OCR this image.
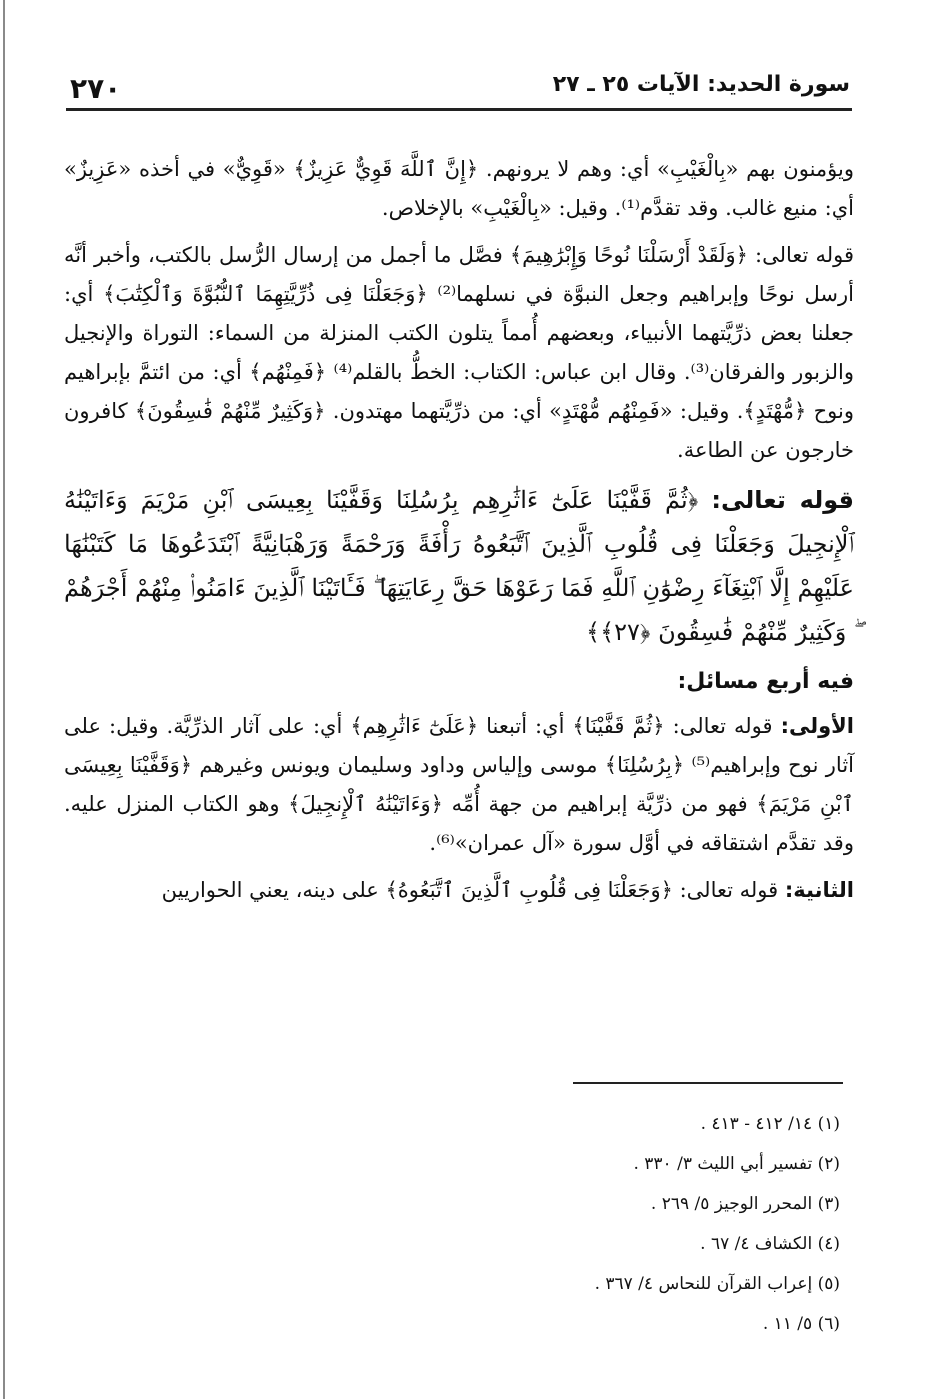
سورة الحديد: الآيات ٢٥ ـ ٢٧
٢٧٠

ويؤمنون بهم «بِالْغَيْبِ» أي: وهم لا يرونهم. ﴿إِنَّ ٱللَّهَ قَوِيٌّ عَزِيزٌ﴾ «قَوِيٌّ» في أخذه «عَزِيزٌ» أي: منيع غالب. وقد تقدَّم⁽¹⁾. وقيل: «بِالْغَيْبِ» بالإخلاص.

قوله تعالى: ﴿وَلَقَدْ أَرْسَلْنَا نُوحًا وَإِبْرَٰهِيمَ﴾ فصَّل ما أجمل من إرسال الرُّسل بالكتب، وأخبر أنَّه أرسل نوحًا وإبراهيم وجعل النبوَّة في نسلهما⁽²⁾ ﴿وَجَعَلْنَا فِى ذُرِّيَّتِهِمَا ٱلنُّبُوَّةَ وَٱلْكِتَٰبَ﴾ أي: جعلنا بعض ذرِّيَّتهما الأنبياء، وبعضهم أُمماً يتلون الكتب المنزلة من السماء: التوراة والإنجيل والزبور والفرقان⁽³⁾. وقال ابن عباس: الكتاب: الخطُّ بالقلم⁽⁴⁾ ﴿فَمِنْهُم﴾ أي: من ائتمَّ بإبراهيم ونوح ﴿مُّهْتَدٍ﴾. وقيل: «فَمِنْهُم مُّهْتَدٍ» أي: من ذرِّيَّتهما مهتدون. ﴿وَكَثِيرٌ مِّنْهُمْ فَٰسِقُونَ﴾ كافرون خارجون عن الطاعة.

قوله تعالى: ﴿ثُمَّ قَفَّيْنَا عَلَىٰٓ ءَاثَٰرِهِم بِرُسُلِنَا وَقَفَّيْنَا بِعِيسَى ٱبْنِ مَرْيَمَ وَءَاتَيْنَٰهُ ٱلْإِنجِيلَ وَجَعَلْنَا فِى قُلُوبِ ٱلَّذِينَ ٱتَّبَعُوهُ رَأْفَةً وَرَحْمَةً وَرَهْبَانِيَّةً ٱبْتَدَعُوهَا مَا كَتَبْنَٰهَا عَلَيْهِمْ إِلَّا ٱبْتِغَآءَ رِضْوَٰنِ ٱللَّهِ فَمَا رَعَوْهَا حَقَّ رِعَايَتِهَا ۖ فَـَٔاتَيْنَا ٱلَّذِينَ ءَامَنُوا۟ مِنْهُمْ أَجْرَهُمْ ۖ وَكَثِيرٌ مِّنْهُمْ فَٰسِقُونَ ﴿٢٧﴾﴾

فيه أربع مسائل:

الأولى: قوله تعالى: ﴿ثُمَّ قَفَّيْنَا﴾ أي: أتبعنا ﴿عَلَىٰٓ ءَاثَٰرِهِم﴾ أي: على آثار الذرِّيَّة. وقيل: على آثار نوح وإبراهيم⁽⁵⁾ ﴿بِرُسُلِنَا﴾ موسى وإلياس وداود وسليمان ويونس وغيرهم ﴿وَقَفَّيْنَا بِعِيسَى ٱبْنِ مَرْيَمَ﴾ فهو من ذرِّيَّة إبراهيم من جهة أُمِّه ﴿وَءَاتَيْنَٰهُ ٱلْإِنجِيلَ﴾ وهو الكتاب المنزل عليه. وقد تقدَّم اشتقاقه في أوَّل سورة «آل عمران»⁽⁶⁾.

الثانية: قوله تعالى: ﴿وَجَعَلْنَا فِى قُلُوبِ ٱلَّذِينَ ٱتَّبَعُوهُ﴾ على دينه، يعني الحواريين

(١) ١٤/ ٤١٢ - ٤١٣ .
(٢) تفسير أبي الليث ٣/ ٣٣٠ .
(٣) المحرر الوجيز ٥/ ٢٦٩ .
(٤) الكشاف ٤/ ٦٧ .
(٥) إعراب القرآن للنحاس ٤/ ٣٦٧ .
(٦) ٥/ ١١ .
